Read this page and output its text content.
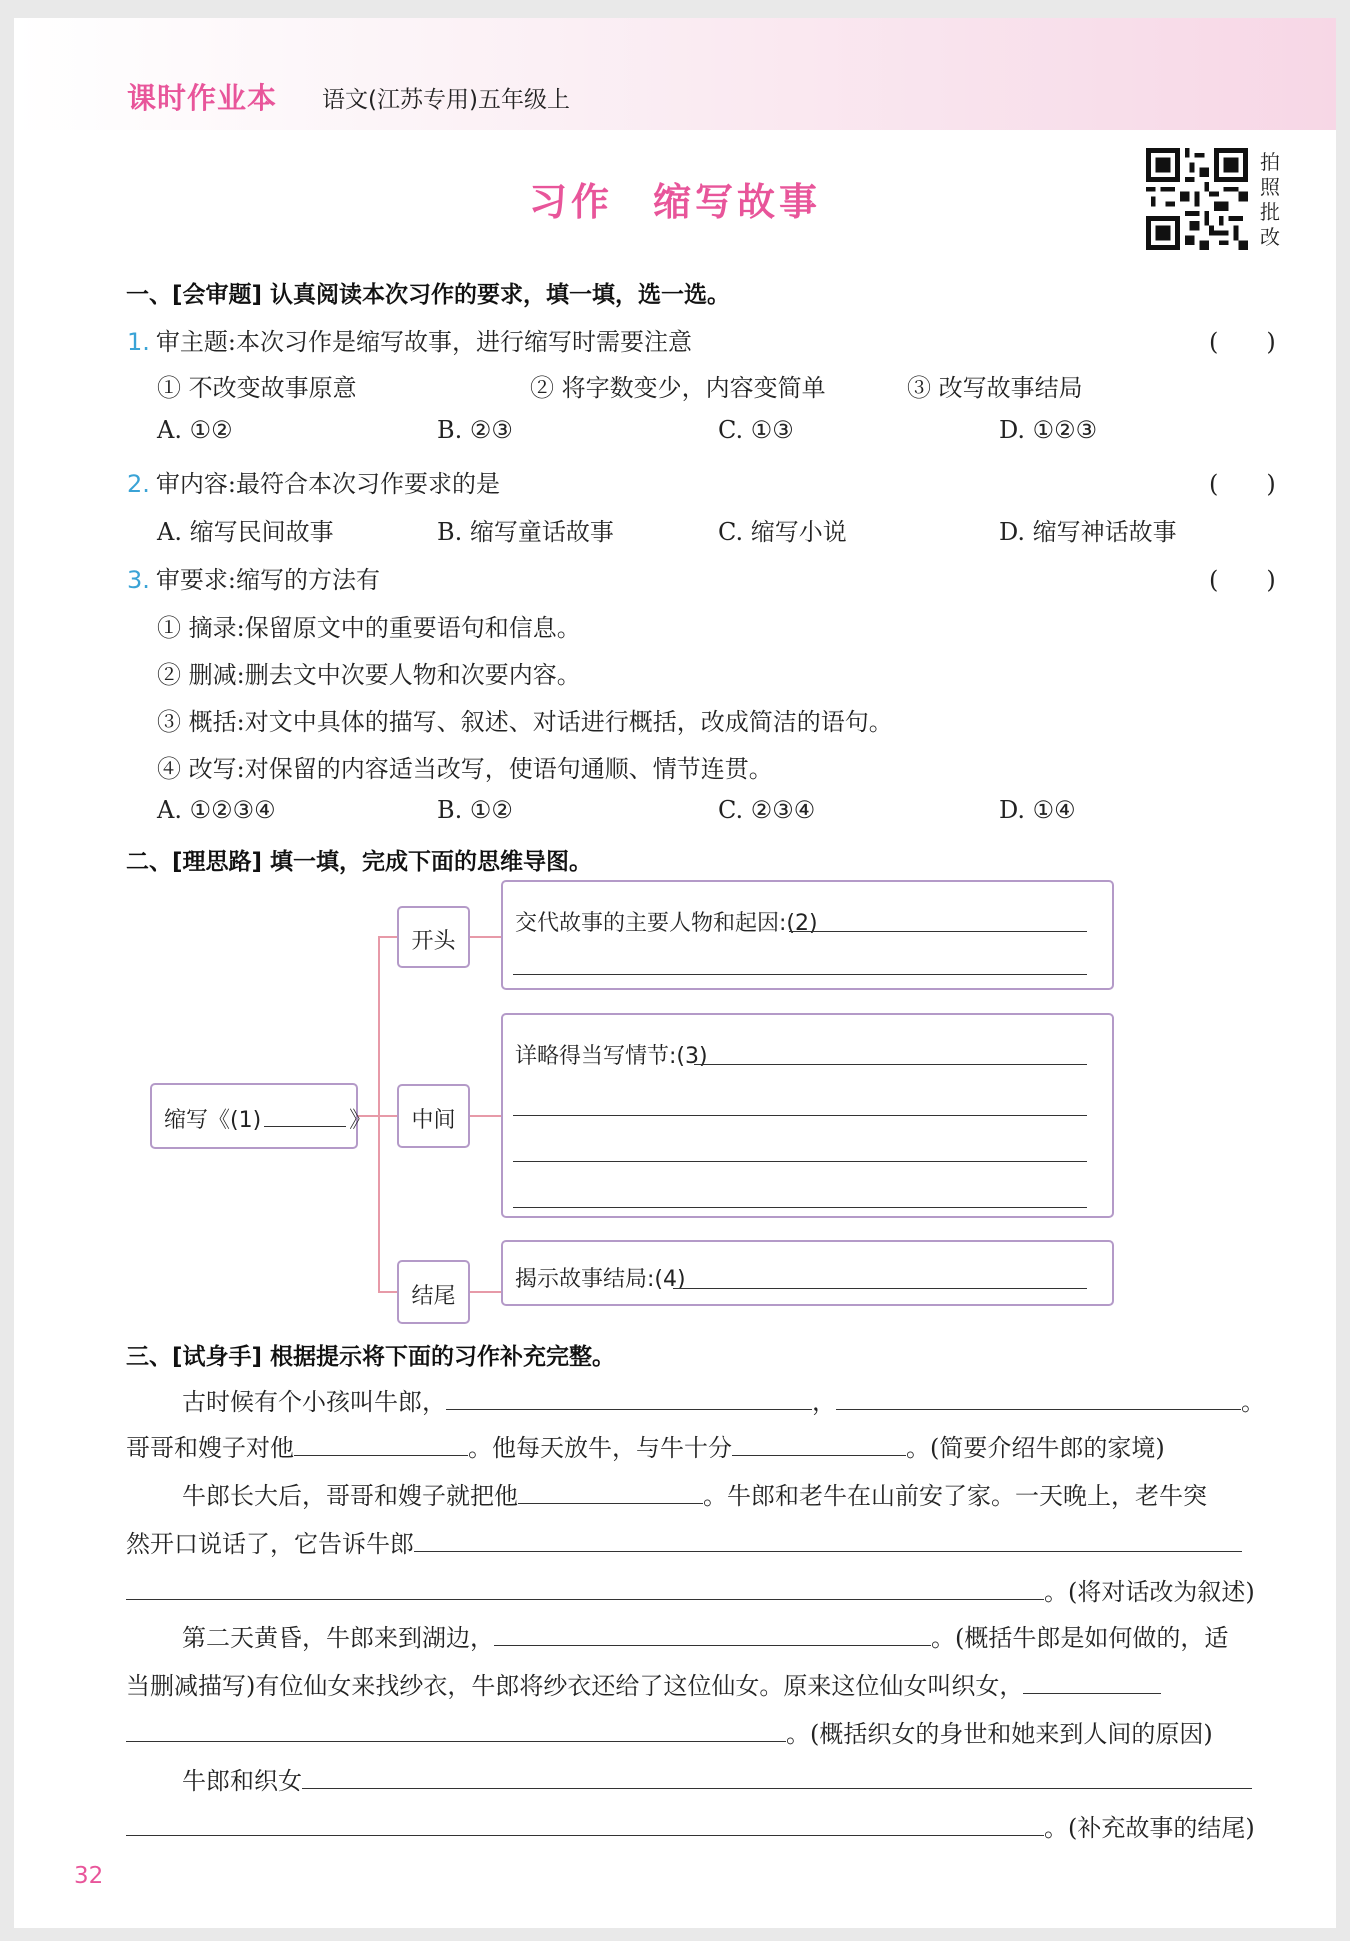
课时作业本 语文(江苏专用)五年级上
习作 缩写故事
拍
照
批
改
一、[会审题] 认真阅读本次习作的要求，填一填，选一选。
1. 审主题:本次习作是缩写故事，进行缩写时需要注意	(　　)
① 不改变故事原意	② 将字数变少，内容变简单	③ 改写故事结局
A. ①②	B. ②③	C. ①③	D. ①②③
2. 审内容:最符合本次习作要求的是	(　　)
A. 缩写民间故事	B. 缩写童话故事	C. 缩写小说	D. 缩写神话故事
3. 审要求:缩写的方法有	(　　)
① 摘录:保留原文中的重要语句和信息。
② 删减:删去文中次要人物和次要内容。
③ 概括:对文中具体的描写、叙述、对话进行概括，改成简洁的语句。
④ 改写:对保留的内容适当改写，使语句通顺、情节连贯。
A. ①②③④	B. ①②	C. ②③④	D. ①④
二、[理思路] 填一填，完成下面的思维导图。
缩写《(1)	》
开头
中间
结尾
交代故事的主要人物和起因:(2)
详略得当写情节:(3)
揭示故事结局:(4)
三、[试身手] 根据提示将下面的习作补充完整。
古时候有个小孩叫牛郎，	，	。
哥哥和嫂子对他	。他每天放牛，与牛十分	。(简要介绍牛郎的家境)
牛郎长大后，哥哥和嫂子就把他	。牛郎和老牛在山前安了家。一天晚上，老牛突
然开口说话了，它告诉牛郎
。(将对话改为叙述)
第二天黄昏，牛郎来到湖边，	。(概括牛郎是如何做的，适
当删减描写)有位仙女来找纱衣，牛郎将纱衣还给了这位仙女。原来这位仙女叫织女，
。(概括织女的身世和她来到人间的原因)
牛郎和织女
。(补充故事的结尾)
32
